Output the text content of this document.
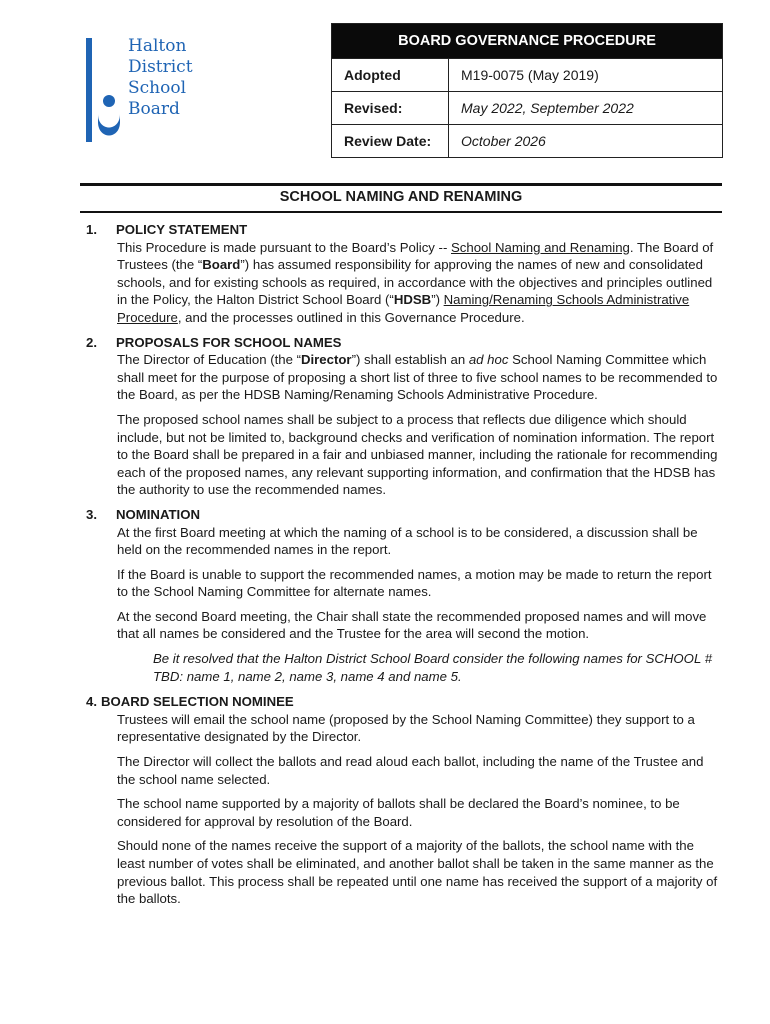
Halton
District
School
Board
BOARD GOVERNANCE PROCEDURE	
Adopted	M19-0075 (May 2019)
Revised:	May 2022, September 2022
Review Date:	October 2026
SCHOOL NAMING AND RENAMING
1. POLICY STATEMENT
This Procedure is made pursuant to the Board’s Policy -- School Naming and Renaming. The Board of Trustees (the “Board”) has assumed responsibility for approving the names of new and consolidated schools, and for existing schools as required, in accordance with the objectives and principles outlined in the Policy, the Halton District School Board (“HDSB”) Naming/Renaming Schools Administrative Procedure, and the processes outlined in this Governance Procedure.
2. PROPOSALS FOR SCHOOL NAMES
The Director of Education (the “Director”) shall establish an ad hoc School Naming Committee which shall meet for the purpose of proposing a short list of three to five school names to be recommended to the Board, as per the HDSB Naming/Renaming Schools Administrative Procedure.
The proposed school names shall be subject to a process that reflects due diligence which should include, but not be limited to, background checks and verification of nomination information. The report to the Board shall be prepared in a fair and unbiased manner, including the rationale for recommending each of the proposed names, any relevant supporting information, and confirmation that the HDSB has the authority to use the recommended names.
3. NOMINATION
At the first Board meeting at which the naming of a school is to be considered, a discussion shall be held on the recommended names in the report.
If the Board is unable to support the recommended names, a motion may be made to return the report to the School Naming Committee for alternate names.
At the second Board meeting, the Chair shall state the recommended proposed names and will move that all names be considered and the Trustee for the area will second the motion.
Be it resolved that the Halton District School Board consider the following names for SCHOOL # TBD: name 1, name 2, name 3, name 4 and name 5.
4. BOARD SELECTION NOMINEE
Trustees will email the school name (proposed by the School Naming Committee) they support to a representative designated by the Director.
The Director will collect the ballots and read aloud each ballot, including the name of the Trustee and the school name selected.
The school name supported by a majority of ballots shall be declared the Board’s nominee, to be considered for approval by resolution of the Board.
Should none of the names receive the support of a majority of the ballots, the school name with the least number of votes shall be eliminated, and another ballot shall be taken in the same manner as the previous ballot. This process shall be repeated until one name has received the support of a majority of the ballots.
